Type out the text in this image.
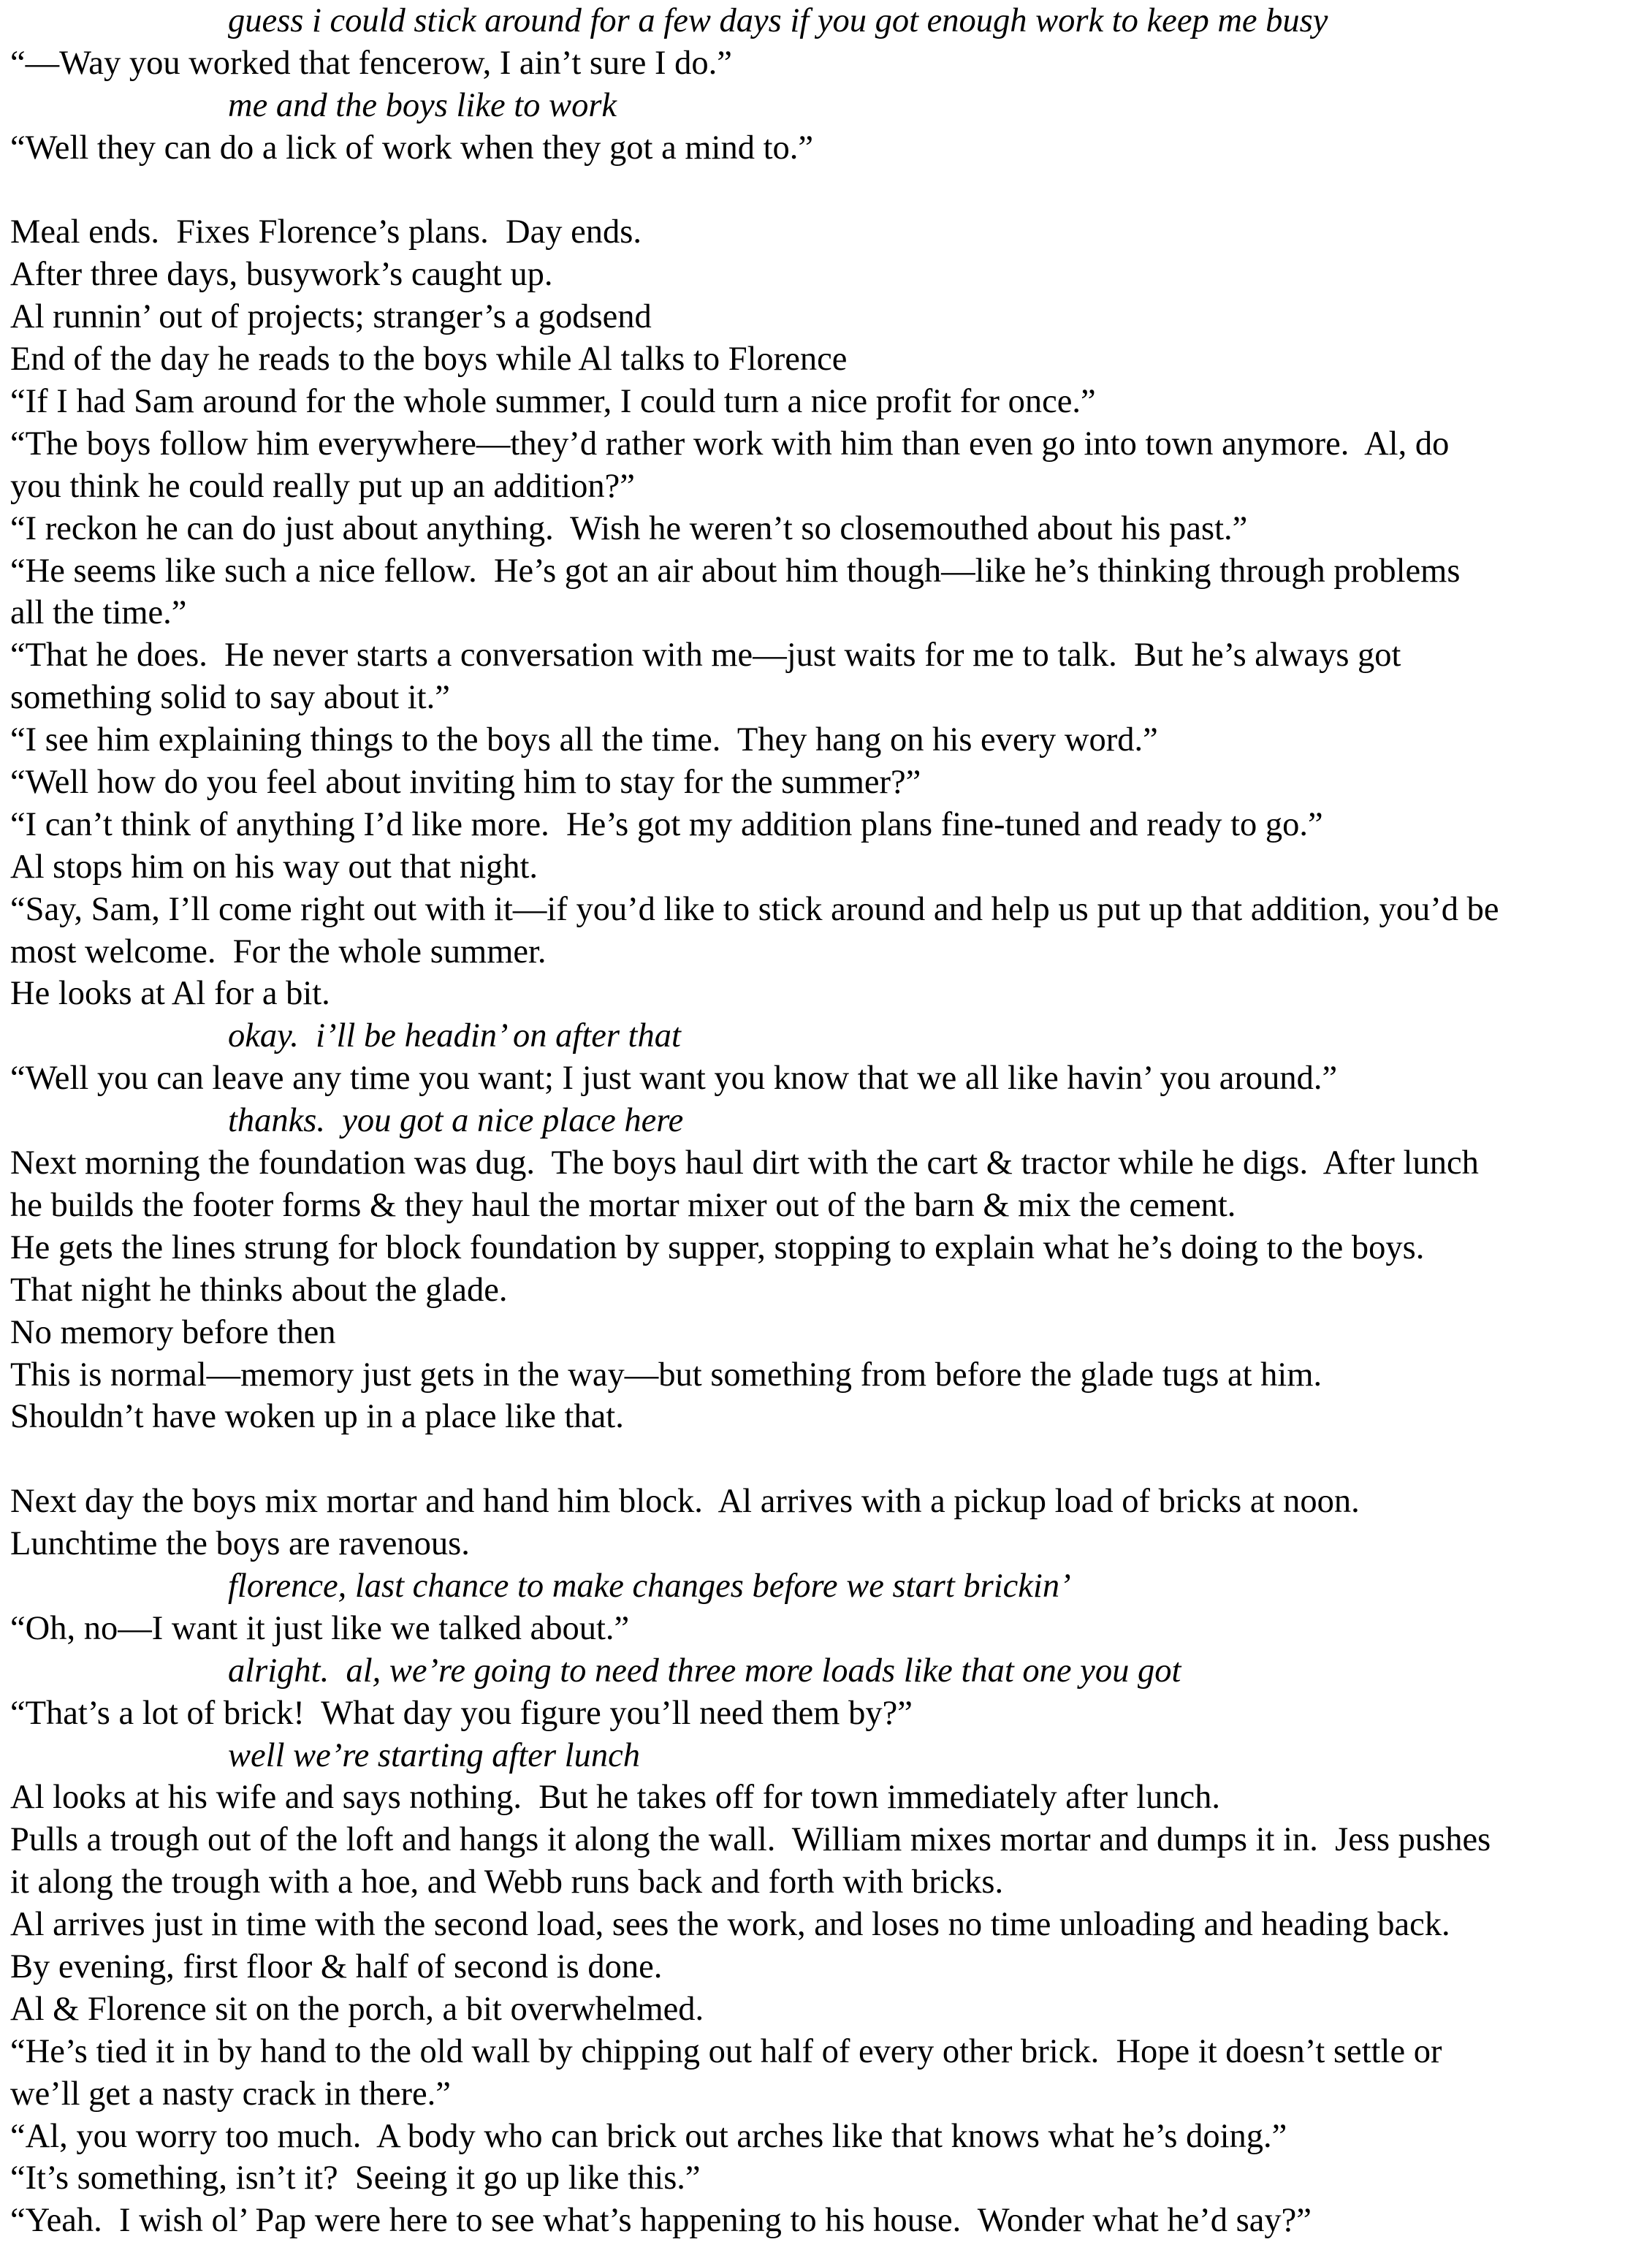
guess i could stick around for a few days if you got enough work to keep me busy
“—Way you worked that fencerow, I ain’t sure I do.”
me and the boys like to work
“Well they can do a lick of work when they got a mind to.”
Meal ends.  Fixes Florence’s plans.  Day ends.
After three days, busywork’s caught up.
Al runnin’ out of projects; stranger’s a godsend
End of the day he reads to the boys while Al talks to Florence
“If I had Sam around for the whole summer, I could turn a nice profit for once.”
“The boys follow him everywhere—they’d rather work with him than even go into town anymore.  Al, do
you think he could really put up an addition?”
“I reckon he can do just about anything.  Wish he weren’t so closemouthed about his past.”
“He seems like such a nice fellow.  He’s got an air about him though—like he’s thinking through problems
all the time.”
“That he does.  He never starts a conversation with me—just waits for me to talk.  But he’s always got
something solid to say about it.”
“I see him explaining things to the boys all the time.  They hang on his every word.”
“Well how do you feel about inviting him to stay for the summer?”
“I can’t think of anything I’d like more.  He’s got my addition plans fine-tuned and ready to go.”
Al stops him on his way out that night.
“Say, Sam, I’ll come right out with it—if you’d like to stick around and help us put up that addition, you’d be
most welcome.  For the whole summer.
He looks at Al for a bit.
okay.  i’ll be headin’ on after that
“Well you can leave any time you want; I just want you know that we all like havin’ you around.”
thanks.  you got a nice place here
Next morning the foundation was dug.  The boys haul dirt with the cart & tractor while he digs.  After lunch
he builds the footer forms & they haul the mortar mixer out of the barn & mix the cement.
He gets the lines strung for block foundation by supper, stopping to explain what he’s doing to the boys.
That night he thinks about the glade.
No memory before then
This is normal—memory just gets in the way—but something from before the glade tugs at him.
Shouldn’t have woken up in a place like that.
Next day the boys mix mortar and hand him block.  Al arrives with a pickup load of bricks at noon.
Lunchtime the boys are ravenous.
florence, last chance to make changes before we start brickin’
“Oh, no—I want it just like we talked about.”
alright.  al, we’re going to need three more loads like that one you got
“That’s a lot of brick!  What day you figure you’ll need them by?”
well we’re starting after lunch
Al looks at his wife and says nothing.  But he takes off for town immediately after lunch.
Pulls a trough out of the loft and hangs it along the wall.  William mixes mortar and dumps it in.  Jess pushes
it along the trough with a hoe, and Webb runs back and forth with bricks.
Al arrives just in time with the second load, sees the work, and loses no time unloading and heading back.
By evening, first floor & half of second is done.
Al & Florence sit on the porch, a bit overwhelmed.
“He’s tied it in by hand to the old wall by chipping out half of every other brick.  Hope it doesn’t settle or
we’ll get a nasty crack in there.”
“Al, you worry too much.  A body who can brick out arches like that knows what he’s doing.”
“It’s something, isn’t it?  Seeing it go up like this.”
“Yeah.  I wish ol’ Pap were here to see what’s happening to his house.  Wonder what he’d say?”
